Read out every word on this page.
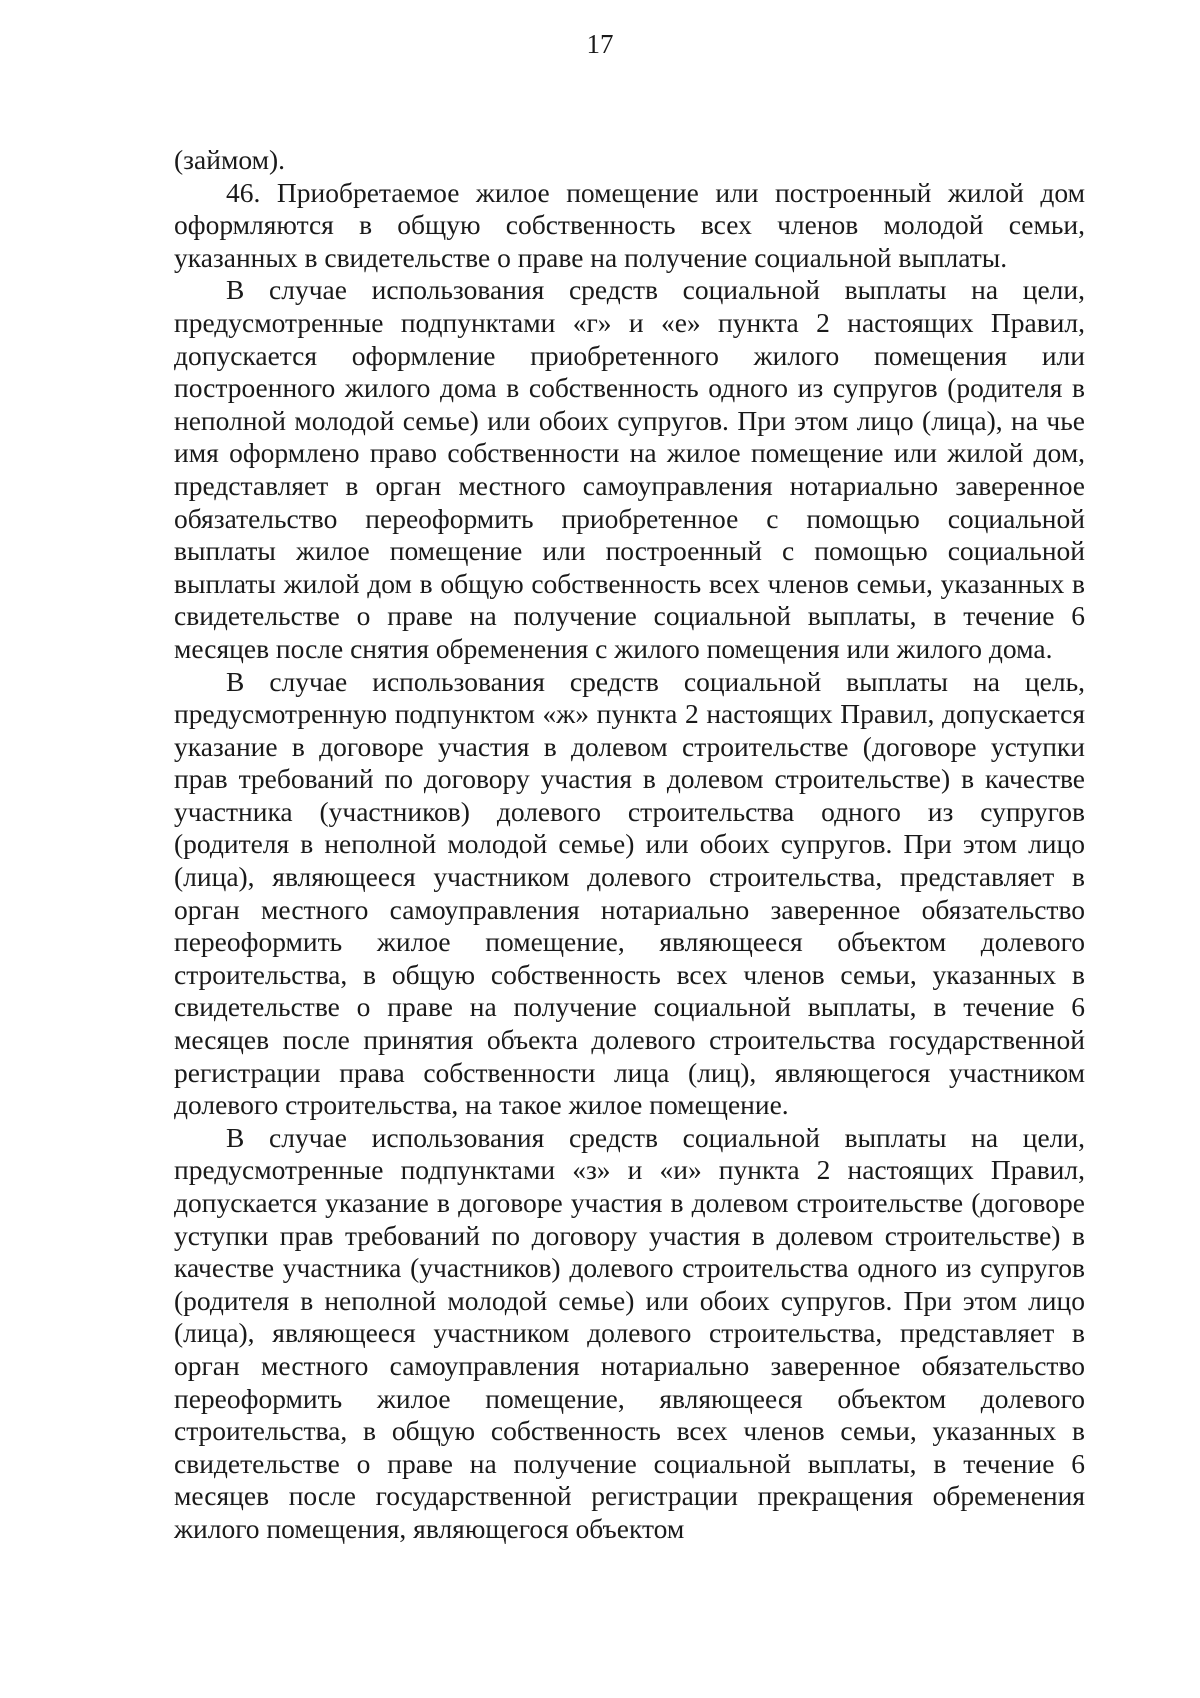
17

(займом).

46. Приобретаемое жилое помещение или построенный жилой дом оформляются в общую собственность всех членов молодой семьи, указанных в свидетельстве о праве на получение социальной выплаты.

В случае использования средств социальной выплаты на цели, предусмотренные подпунктами «г» и «е» пункта 2 настоящих Правил, допускается оформление приобретенного жилого помещения или построенного жилого дома в собственность одного из супругов (родителя в неполной молодой семье) или обоих супругов. При этом лицо (лица), на чье имя оформлено право собственности на жилое помещение или жилой дом, представляет в орган местного самоуправления нотариально заверенное обязательство переоформить приобретенное с помощью социальной выплаты жилое помещение или построенный с помощью социальной выплаты жилой дом в общую собственность всех членов семьи, указанных в свидетельстве о праве на получение социальной выплаты, в течение 6 месяцев после снятия обременения с жилого помещения или жилого дома.

В случае использования средств социальной выплаты на цель, предусмотренную подпунктом «ж» пункта 2 настоящих Правил, допускается указание в договоре участия в долевом строительстве (договоре уступки прав требований по договору участия в долевом строительстве) в качестве участника (участников) долевого строительства одного из супругов (родителя в неполной молодой семье) или обоих супругов. При этом лицо (лица), являющееся участником долевого строительства, представляет в орган местного самоуправления нотариально заверенное обязательство переоформить жилое помещение, являющееся объектом долевого строительства, в общую собственность всех членов семьи, указанных в свидетельстве о праве на получение социальной выплаты, в течение 6 месяцев после принятия объекта долевого строительства государственной регистрации права собственности лица (лиц), являющегося участником долевого строительства, на такое жилое помещение.

В случае использования средств социальной выплаты на цели, предусмотренные подпунктами «з» и «и» пункта 2 настоящих Правил, допускается указание в договоре участия в долевом строительстве (договоре уступки прав требований по договору участия в долевом строительстве) в качестве участника (участников) долевого строительства одного из супругов (родителя в неполной молодой семье) или обоих супругов. При этом лицо (лица), являющееся участником долевого строительства, представляет в орган местного самоуправления нотариально заверенное обязательство переоформить жилое помещение, являющееся объектом долевого строительства, в общую собственность всех членов семьи, указанных в свидетельстве о праве на получение социальной выплаты, в течение 6 месяцев после государственной регистрации прекращения обременения жилого помещения, являющегося объектом
